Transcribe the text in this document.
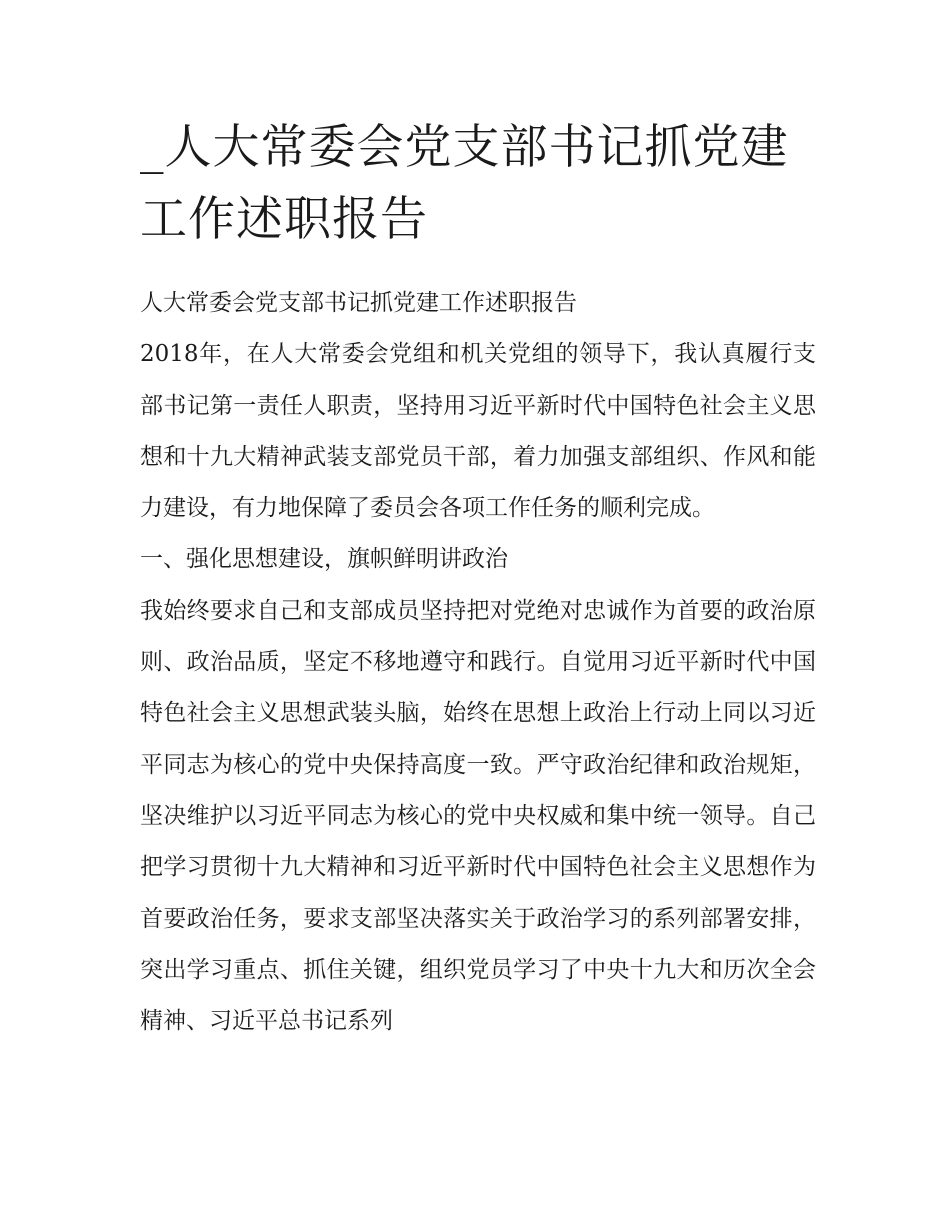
_人大常委会党支部书记抓党建工作述职报告

人大常委会党支部书记抓党建工作述职报告

2018年，在人大常委会党组和机关党组的领导下，我认真履行支部书记第一责任人职责，坚持用习近平新时代中国特色社会主义思想和十九大精神武装支部党员干部，着力加强支部组织、作风和能力建设，有力地保障了委员会各项工作任务的顺利完成。

一、强化思想建设，旗帜鲜明讲政治

我始终要求自己和支部成员坚持把对党绝对忠诚作为首要的政治原则、政治品质，坚定不移地遵守和践行。自觉用习近平新时代中国特色社会主义思想武装头脑，始终在思想上政治上行动上同以习近平同志为核心的党中央保持高度一致。严守政治纪律和政治规矩，坚决维护以习近平同志为核心的党中央权威和集中统一领导。自己把学习贯彻十九大精神和习近平新时代中国特色社会主义思想作为首要政治任务，要求支部坚决落实关于政治学习的系列部署安排，突出学习重点、抓住关键，组织党员学习了中央十九大和历次全会精神、习近平总书记系列
